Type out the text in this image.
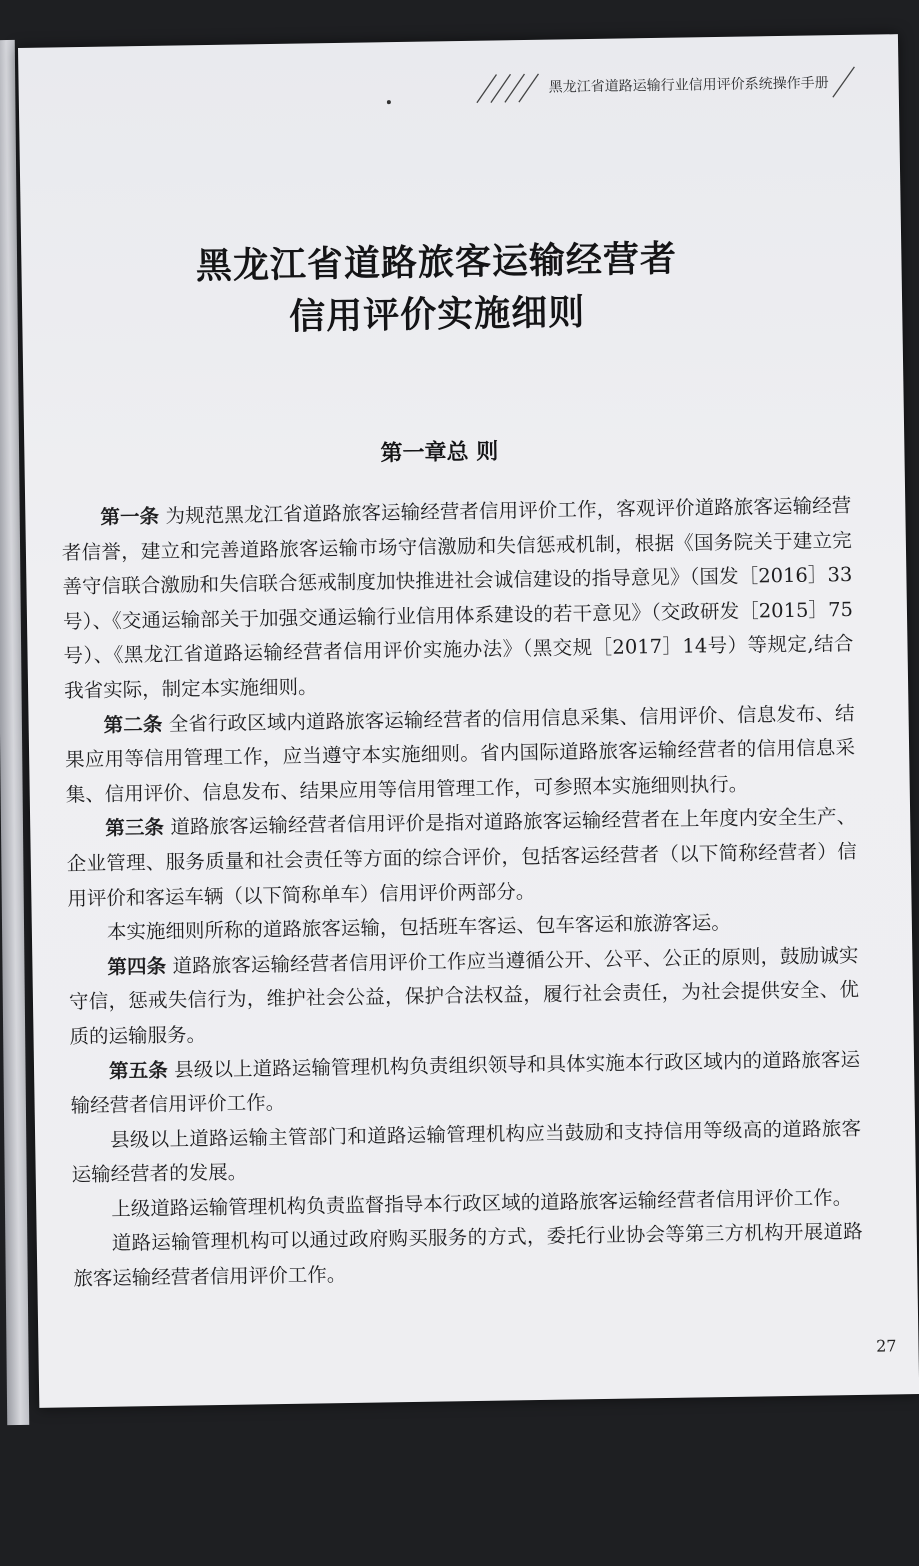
黑龙江省道路运输行业信用评价系统操作手册
黑龙江省道路旅客运输经营者
信用评价实施细则
第一章总 则

第一条 为规范黑龙江省道路旅客运输经营者信用评价工作，客观评价道路旅客运输经营者信誉，建立和完善道路旅客运输市场守信激励和失信惩戒机制，根据《国务院关于建立完善守信联合激励和失信联合惩戒制度加快推进社会诚信建设的指导意见》（国发［2016］33号）、《交通运输部关于加强交通运输行业信用体系建设的若干意见》（交政研发［2015］75号）、《黑龙江省道路运输经营者信用评价实施办法》（黑交规［2017］14号）等规定,结合我省实际，制定本实施细则。

第二条 全省行政区域内道路旅客运输经营者的信用信息采集、信用评价、信息发布、结果应用等信用管理工作，应当遵守本实施细则。省内国际道路旅客运输经营者的信用信息采集、信用评价、信息发布、结果应用等信用管理工作，可参照本实施细则执行。

第三条 道路旅客运输经营者信用评价是指对道路旅客运输经营者在上年度内安全生产、企业管理、服务质量和社会责任等方面的综合评价，包括客运经营者（以下简称经营者）信用评价和客运车辆（以下简称单车）信用评价两部分。

本实施细则所称的道路旅客运输，包括班车客运、包车客运和旅游客运。

第四条 道路旅客运输经营者信用评价工作应当遵循公开、公平、公正的原则，鼓励诚实守信，惩戒失信行为，维护社会公益，保护合法权益，履行社会责任，为社会提供安全、优质的运输服务。

第五条 县级以上道路运输管理机构负责组织领导和具体实施本行政区域内的道路旅客运输经营者信用评价工作。

县级以上道路运输主管部门和道路运输管理机构应当鼓励和支持信用等级高的道路旅客运输经营者的发展。

上级道路运输管理机构负责监督指导本行政区域的道路旅客运输经营者信用评价工作。

道路运输管理机构可以通过政府购买服务的方式，委托行业协会等第三方机构开展道路旅客运输经营者信用评价工作。

27
